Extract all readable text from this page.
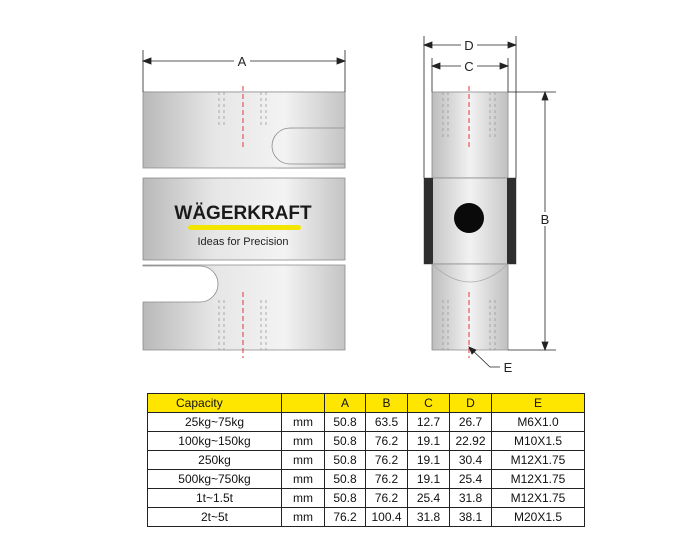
WÄGERKRAFT
Ideas for Precision
A
D
C
B
E
Capacity		A	B	C	D	E
25kg~75kg	mm	50.8	63.5	12.7	26.7	M6X1.0
100kg~150kg	mm	50.8	76.2	19.1	22.92	M10X1.5
250kg	mm	50.8	76.2	19.1	30.4	M12X1.75
500kg~750kg	mm	50.8	76.2	19.1	25.4	M12X1.75
1t~1.5t	mm	50.8	76.2	25.4	31.8	M12X1.75
2t~5t	mm	76.2	100.4	31.8	38.1	M20X1.5
